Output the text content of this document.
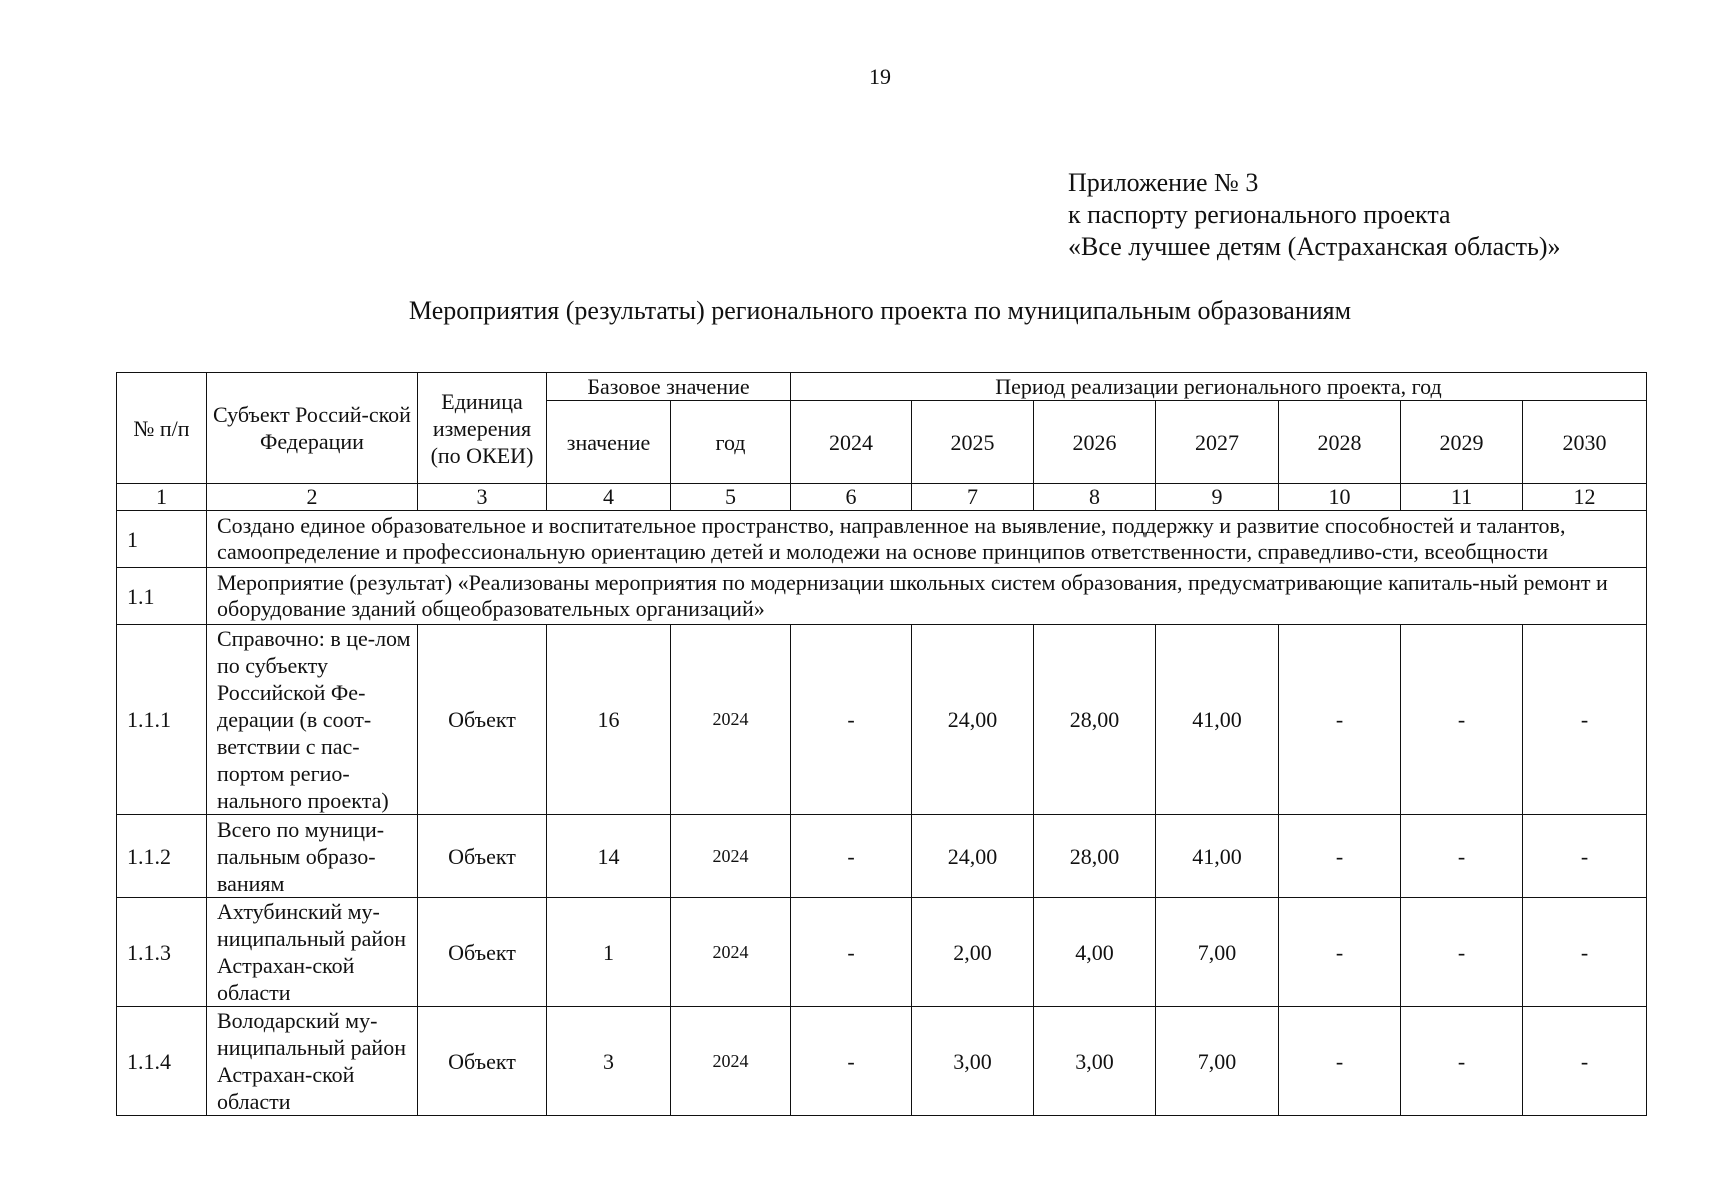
19
Приложение № 3
к паспорту регионального проекта
«Все лучшее детям (Астраханская область)»
Мероприятия (результаты) регионального проекта по муниципальным образованиям
№ п/п	Субъект Россий-ской Федерации	Единица измерения (по ОКЕИ)	Базовое значение		Период реализации регионального проекта, год						
			значение	год	2024	2025	2026	2027	2028	2029	2030
1	2	3	4	5	6	7	8	9	10	11	12
1	Создано единое образовательное и воспитательное пространство, направленное на выявление, поддержку и развитие способностей и талантов, самоопределение и профессиональную ориентацию детей и молодежи на основе принципов ответственности, справедливо-сти, всеобщности										
1.1	Мероприятие (результат) «Реализованы мероприятия по модернизации школьных систем образования, предусматривающие капиталь-ный ремонт и оборудование зданий общеобразовательных организаций»										
1.1.1	Справочно: в це-лом по субъекту Российской Фе-дерации (в соот-ветствии с пас-портом регио-нального проекта)	Объект	16	2024	-	24,00	28,00	41,00	-	-	-
1.1.2	Всего по муници-пальным образо-ваниям	Объект	14	2024	-	24,00	28,00	41,00	-	-	-
1.1.3	Ахтубинский му-ниципальный район Астрахан-ской области	Объект	1	2024	-	2,00	4,00	7,00	-	-	-
1.1.4	Володарский му-ниципальный район Астрахан-ской области	Объект	3	2024	-	3,00	3,00	7,00	-	-	-
